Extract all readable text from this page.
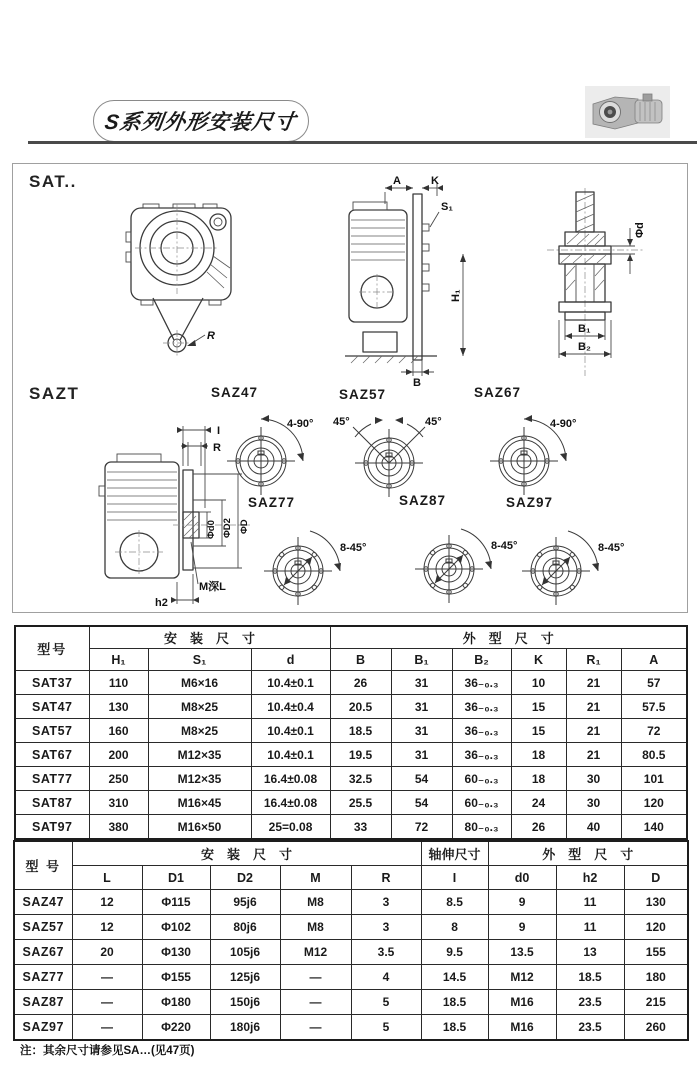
S系列外形安装尺寸
SAT..
R
A	K
S₁
H₁
B
Φd
B₁
B₂
SAZT
I
R
Φd0 ΦD2 ΦD
M深L
h2
SAZ47
4-90°
SAZ57
45°	45°
SAZ67
4-90°
SAZ77
8-45°
SAZ87
8-45°
SAZ97
8-45°
型号	安装尺寸			外型尺寸					
	H₁	S₁	d	B	B₁	B₂	K	R₁	A
SAT37	110	M6×16	10.4±0.1	26	31	36₋₀.₃	10	21	57
SAT47	130	M8×25	10.4±0.4	20.5	31	36₋₀.₃	15	21	57.5
SAT57	160	M8×25	10.4±0.1	18.5	31	36₋₀.₃	15	21	72
SAT67	200	M12×35	10.4±0.1	19.5	31	36₋₀.₃	18	21	80.5
SAT77	250	M12×35	16.4±0.08	32.5	54	60₋₀.₃	18	30	101
SAT87	310	M16×45	16.4±0.08	25.5	54	60₋₀.₃	24	30	120
SAT97	380	M16×50	25=0.08	33	72	80₋₀.₃	26	40	140
型 号	安装尺寸					轴伸尺寸	外型尺寸		
	L	D1	D2	M	R	I	d0	h2	D
SAZ47	12	Φ115	95j6	M8	3	8.5	9	11	130
SAZ57	12	Φ102	80j6	M8	3	8	9	11	120
SAZ67	20	Φ130	105j6	M12	3.5	9.5	13.5	13	155
SAZ77	—	Φ155	125j6	—	4	14.5	M12	18.5	180
SAZ87	—	Φ180	150j6	—	5	18.5	M16	23.5	215
SAZ97	—	Φ220	180j6	—	5	18.5	M16	23.5	260
注：其余尺寸请参见SA…(见47页)
